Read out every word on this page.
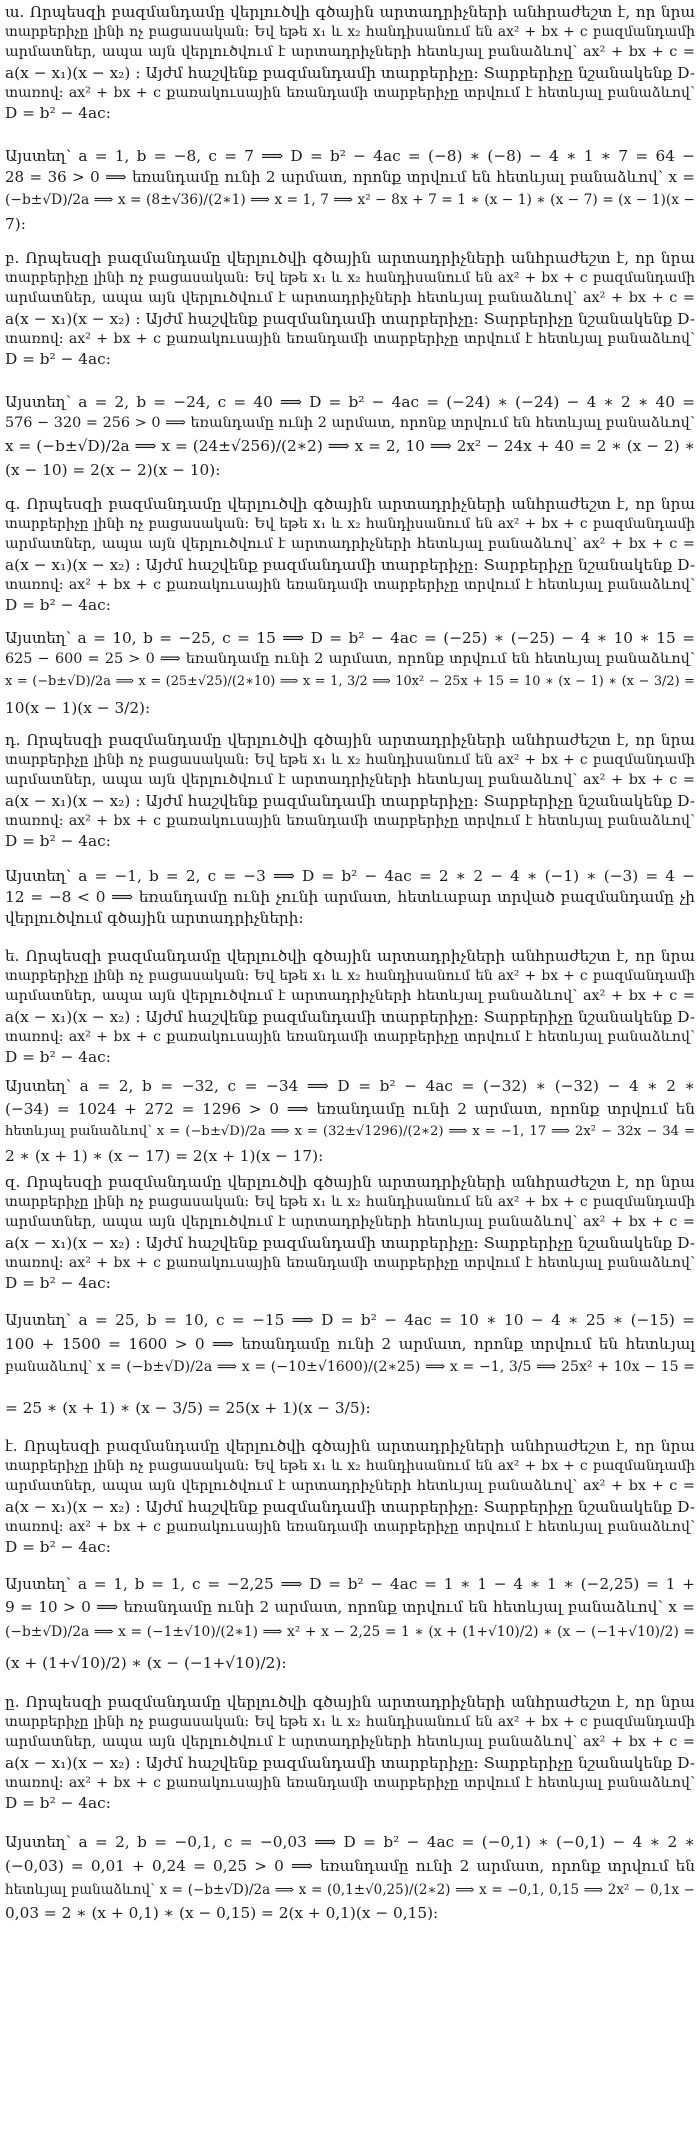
ա. Որպեսզի բազմանդամը վերլուծվի գծային արտադրիչների անհրաժեշտ է, որ նրա
տարբերիչը լինի ոչ բացասական: Եվ եթե x₁ և x₂ հանդիսանում են ax² + bx + c բազմանդամի
արմատներ, ապա այն վերլուծվում է արտադրիչների հետևյալ բանաձևով՝ ax² + bx + c =
a(x − x₁)(x − x₂) : Այժմ հաշվենք բազմանդամի տարբերիչը: Տարբերիչը նշանակենք D-
տառով: ax² + bx + c քառակուսային եռանդամի տարբերիչը տրվում է հետևյալ բանաձևով՝
D = b² − 4ac:
Այստեղ՝ a = 1, b = −8, c = 7 ⟹ D = b² − 4ac = (−8) ∗ (−8) − 4 ∗ 1 ∗ 7 = 64 −
28 = 36 > 0 ⟹ եռանդամը ունի 2 արմատ, որոնք տրվում են հետևյալ բանաձևով՝ x =
(−b±√D)/2a ⟹ x = (8±√36)/(2∗1) ⟹ x = 1, 7 ⟹ x² − 8x + 7 = 1 ∗ (x − 1) ∗ (x − 7) = (x − 1)(x −
7):
բ. Որպեսզի բազմանդամը վերլուծվի գծային արտադրիչների անհրաժեշտ է, որ նրա
տարբերիչը լինի ոչ բացասական: Եվ եթե x₁ և x₂ հանդիսանում են ax² + bx + c բազմանդամի
արմատներ, ապա այն վերլուծվում է արտադրիչների հետևյալ բանաձևով՝ ax² + bx + c =
a(x − x₁)(x − x₂) : Այժմ հաշվենք բազմանդամի տարբերիչը: Տարբերիչը նշանակենք D-
տառով: ax² + bx + c քառակուսային եռանդամի տարբերիչը տրվում է հետևյալ բանաձևով՝
D = b² − 4ac:
Այստեղ՝ a = 2, b = −24, c = 40 ⟹ D = b² − 4ac = (−24) ∗ (−24) − 4 ∗ 2 ∗ 40 =
576 − 320 = 256 > 0 ⟹ եռանդամը ունի 2 արմատ, որոնք տրվում են հետևյալ բանաձևով՝
x = (−b±√D)/2a ⟹ x = (24±√256)/(2∗2) ⟹ x = 2, 10 ⟹ 2x² − 24x + 40 = 2 ∗ (x − 2) ∗
(x − 10) = 2(x − 2)(x − 10):
գ. Որպեսզի բազմանդամը վերլուծվի գծային արտադրիչների անհրաժեշտ է, որ նրա
տարբերիչը լինի ոչ բացասական: Եվ եթե x₁ և x₂ հանդիսանում են ax² + bx + c բազմանդամի
արմատներ, ապա այն վերլուծվում է արտադրիչների հետևյալ բանաձևով՝ ax² + bx + c =
a(x − x₁)(x − x₂) : Այժմ հաշվենք բազմանդամի տարբերիչը: Տարբերիչը նշանակենք D-
տառով: ax² + bx + c քառակուսային եռանդամի տարբերիչը տրվում է հետևյալ բանաձևով՝
D = b² − 4ac:
Այստեղ՝ a = 10, b = −25, c = 15 ⟹ D = b² − 4ac = (−25) ∗ (−25) − 4 ∗ 10 ∗ 15 =
625 − 600 = 25 > 0 ⟹ եռանդամը ունի 2 արմատ, որոնք տրվում են հետևյալ բանաձևով՝
x = (−b±√D)/2a ⟹ x = (25±√25)/(2∗10) ⟹ x = 1, 3/2 ⟹ 10x² − 25x + 15 = 10 ∗ (x − 1) ∗ (x − 3/2) =
10(x − 1)(x − 3/2):
դ. Որպեսզի բազմանդամը վերլուծվի գծային արտադրիչների անհրաժեշտ է, որ նրա
տարբերիչը լինի ոչ բացասական: Եվ եթե x₁ և x₂ հանդիսանում են ax² + bx + c բազմանդամի
արմատներ, ապա այն վերլուծվում է արտադրիչների հետևյալ բանաձևով՝ ax² + bx + c =
a(x − x₁)(x − x₂) : Այժմ հաշվենք բազմանդամի տարբերիչը: Տարբերիչը նշանակենք D-
տառով: ax² + bx + c քառակուսային եռանդամի տարբերիչը տրվում է հետևյալ բանաձևով՝
D = b² − 4ac:
Այստեղ՝ a = −1, b = 2, c = −3 ⟹ D = b² − 4ac = 2 ∗ 2 − 4 ∗ (−1) ∗ (−3) = 4 −
12 = −8 < 0 ⟹ եռանդամը ունի չունի արմատ, հետևաբար տրված բազմանդամը չի
վերլուծվում գծային արտադրիչների:
ե. Որպեսզի բազմանդամը վերլուծվի գծային արտադրիչների անհրաժեշտ է, որ նրա
տարբերիչը լինի ոչ բացասական: Եվ եթե x₁ և x₂ հանդիսանում են ax² + bx + c բազմանդամի
արմատներ, ապա այն վերլուծվում է արտադրիչների հետևյալ բանաձևով՝ ax² + bx + c =
a(x − x₁)(x − x₂) : Այժմ հաշվենք բազմանդամի տարբերիչը: Տարբերիչը նշանակենք D-
տառով: ax² + bx + c քառակուսային եռանդամի տարբերիչը տրվում է հետևյալ բանաձևով՝
D = b² − 4ac:
Այստեղ՝ a = 2, b = −32, c = −34 ⟹ D = b² − 4ac = (−32) ∗ (−32) − 4 ∗ 2 ∗
(−34) = 1024 + 272 = 1296 > 0 ⟹ եռանդամը ունի 2 արմատ, որոնք տրվում են
հետևյալ բանաձևով՝ x = (−b±√D)/2a ⟹ x = (32±√1296)/(2∗2) ⟹ x = −1, 17 ⟹ 2x² − 32x − 34 =
2 ∗ (x + 1) ∗ (x − 17) = 2(x + 1)(x − 17):
զ. Որպեսզի բազմանդամը վերլուծվի գծային արտադրիչների անհրաժեշտ է, որ նրա
տարբերիչը լինի ոչ բացասական: Եվ եթե x₁ և x₂ հանդիսանում են ax² + bx + c բազմանդամի
արմատներ, ապա այն վերլուծվում է արտադրիչների հետևյալ բանաձևով՝ ax² + bx + c =
a(x − x₁)(x − x₂) : Այժմ հաշվենք բազմանդամի տարբերիչը: Տարբերիչը նշանակենք D-
տառով: ax² + bx + c քառակուսային եռանդամի տարբերիչը տրվում է հետևյալ բանաձևով՝
D = b² − 4ac:
Այստեղ՝ a = 25, b = 10, c = −15 ⟹ D = b² − 4ac = 10 ∗ 10 − 4 ∗ 25 ∗ (−15) =
100 + 1500 = 1600 > 0 ⟹ եռանդամը ունի 2 արմատ, որոնք տրվում են հետևյալ
բանաձևով՝ x = (−b±√D)/2a ⟹ x = (−10±√1600)/(2∗25) ⟹ x = −1, 3/5 ⟹ 25x² + 10x − 15 =
= 25 ∗ (x + 1) ∗ (x − 3/5) = 25(x + 1)(x − 3/5):
է. Որպեսզի բազմանդամը վերլուծվի գծային արտադրիչների անհրաժեշտ է, որ նրա
տարբերիչը լինի ոչ բացասական: Եվ եթե x₁ և x₂ հանդիսանում են ax² + bx + c բազմանդամի
արմատներ, ապա այն վերլուծվում է արտադրիչների հետևյալ բանաձևով՝ ax² + bx + c =
a(x − x₁)(x − x₂) : Այժմ հաշվենք բազմանդամի տարբերիչը: Տարբերիչը նշանակենք D-
տառով: ax² + bx + c քառակուսային եռանդամի տարբերիչը տրվում է հետևյալ բանաձևով՝
D = b² − 4ac:
Այստեղ՝ a = 1, b = 1, c = −2,25 ⟹ D = b² − 4ac = 1 ∗ 1 − 4 ∗ 1 ∗ (−2,25) = 1 +
9 = 10 > 0 ⟹ եռանդամը ունի 2 արմատ, որոնք տրվում են հետևյալ բանաձևով՝ x =
(−b±√D)/2a ⟹ x = (−1±√10)/(2∗1) ⟹ x² + x − 2,25 = 1 ∗ (x + (1+√10)/2) ∗ (x − (−1+√10)/2) =
(x + (1+√10)/2) ∗ (x − (−1+√10)/2):
ը. Որպեսզի բազմանդամը վերլուծվի գծային արտադրիչների անհրաժեշտ է, որ նրա
տարբերիչը լինի ոչ բացասական: Եվ եթե x₁ և x₂ հանդիսանում են ax² + bx + c բազմանդամի
արմատներ, ապա այն վերլուծվում է արտադրիչների հետևյալ բանաձևով՝ ax² + bx + c =
a(x − x₁)(x − x₂) : Այժմ հաշվենք բազմանդամի տարբերիչը: Տարբերիչը նշանակենք D-
տառով: ax² + bx + c քառակուսային եռանդամի տարբերիչը տրվում է հետևյալ բանաձևով՝
D = b² − 4ac:
Այստեղ՝ a = 2, b = −0,1, c = −0,03 ⟹ D = b² − 4ac = (−0,1) ∗ (−0,1) − 4 ∗ 2 ∗
(−0,03) = 0,01 + 0,24 = 0,25 > 0 ⟹ եռանդամը ունի 2 արմատ, որոնք տրվում են
հետևյալ բանաձևով՝ x = (−b±√D)/2a ⟹ x = (0,1±√0,25)/(2∗2) ⟹ x = −0,1, 0,15 ⟹ 2x² − 0,1x −
0,03 = 2 ∗ (x + 0,1) ∗ (x − 0,15) = 2(x + 0,1)(x − 0,15):
